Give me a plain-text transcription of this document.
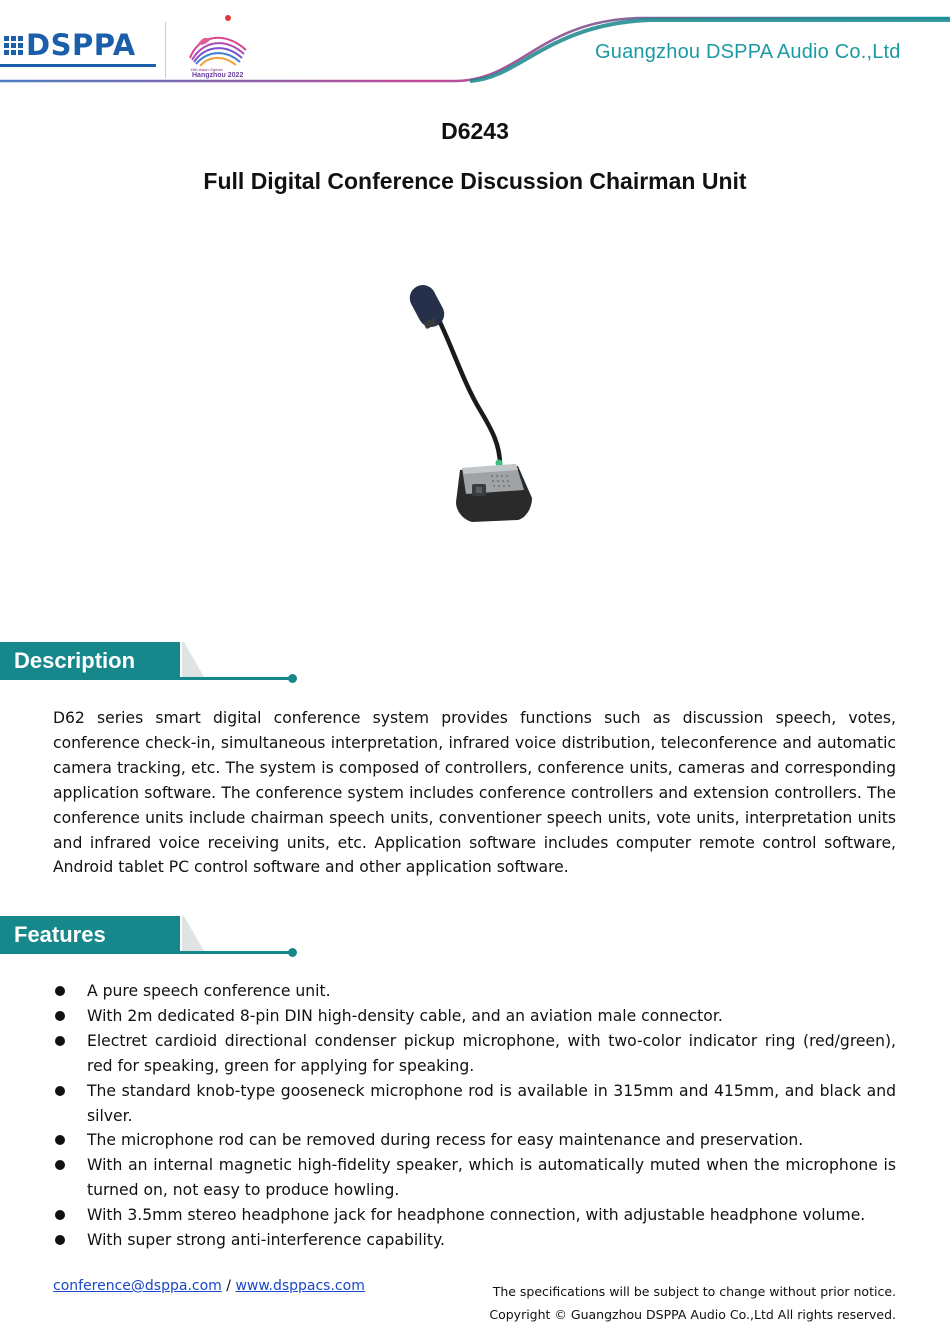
DSPPA
19th Asian Games
Hangzhou 2022
Guangzhou DSPPA Audio Co.,Ltd
D6243
Full Digital Conference Discussion Chairman Unit
Description
D62 series smart digital conference system provides functions such as discussion speech, votes, conference check-in, simultaneous interpretation, infrared voice distribution, teleconference and automatic camera tracking, etc. The system is composed of controllers, conference units, cameras and corresponding application software. The conference system includes conference controllers and extension controllers. The conference units include chairman speech units, conventioner speech units, vote units, interpretation units and infrared voice receiving units, etc. Application software includes computer remote control software, Android tablet PC control software and other application software.
Features
A pure speech conference unit.
With 2m dedicated 8-pin DIN high-density cable, and an aviation male connector.
Electret cardioid directional condenser pickup microphone, with two-color indicator ring (red/green), red for speaking, green for applying for speaking.
The standard knob-type gooseneck microphone rod is available in 315mm and 415mm, and black and silver.
The microphone rod can be removed during recess for easy maintenance and preservation.
With an internal magnetic high-fidelity speaker, which is automatically muted when the microphone is turned on, not easy to produce howling.
With 3.5mm stereo headphone jack for headphone connection, with adjustable headphone volume.
With super strong anti-interference capability.
conference@dsppa.com / www.dsppacs.com	The specifications will be subject to change without prior notice.
Copyright © Guangzhou DSPPA Audio Co.,Ltd All rights reserved.
